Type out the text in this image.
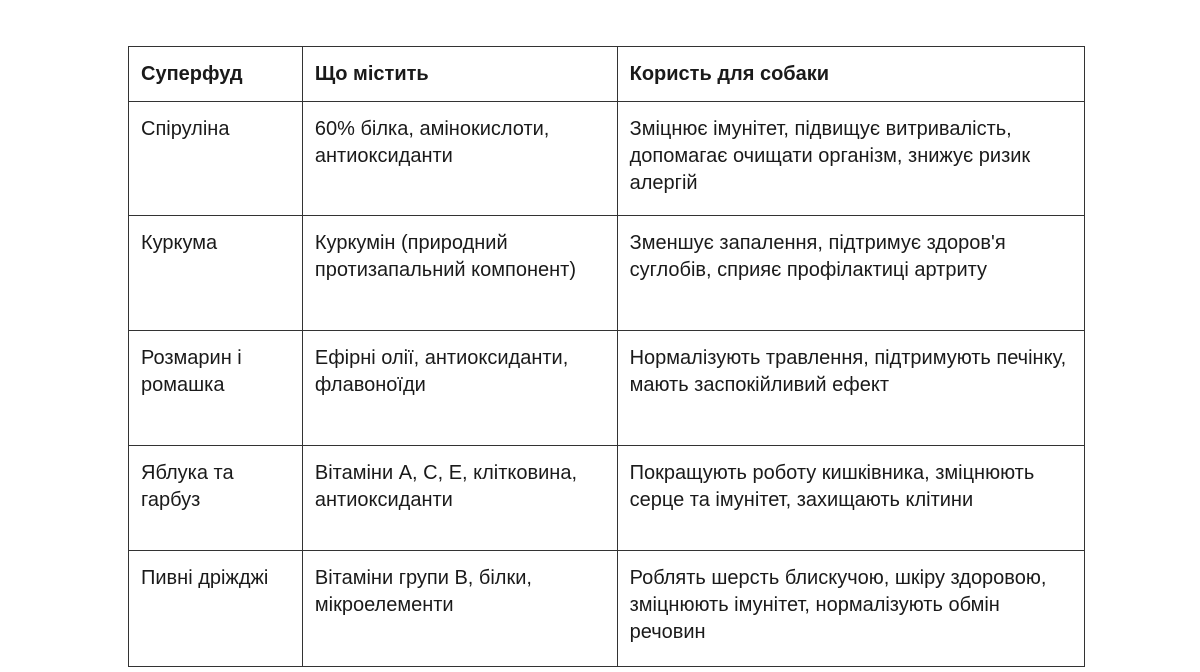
Суперфуд	Що містить	Користь для собаки
Спіруліна	60% білка, амінокислоти, антиоксиданти	Зміцнює імунітет, підвищує витривалість, допомагає очищати організм, знижує ризик алергій
Куркума	Куркумін (природний протизапальний компонент)	Зменшує запалення, підтримує здоров'я суглобів, сприяє профілактиці артриту
Розмарин і ромашка	Ефірні олії, антиоксиданти, флавоноїди	Нормалізують травлення, підтримують печінку, мають заспокійливий ефект
Яблука та гарбуз	Вітаміни A, C, E, клітковина, антиоксиданти	Покращують роботу кишківника, зміцнюють серце та імунітет, захищають клітини
Пивні дріжджі	Вітаміни групи B, білки, мікроелементи	Роблять шерсть блискучою, шкіру здоровою, зміцнюють імунітет, нормалізують обмін речовин
